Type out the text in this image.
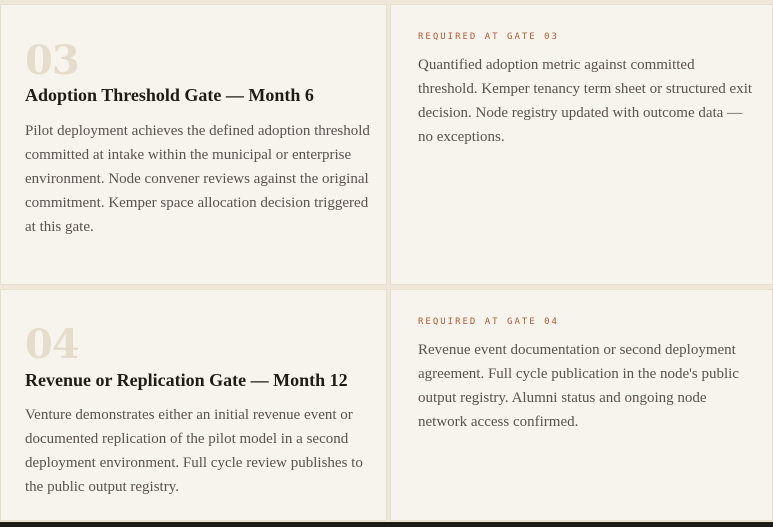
03
Adoption Threshold Gate — Month 6
Pilot deployment achieves the defined adoption threshold committed at intake within the municipal or enterprise environment. Node convener reviews against the original commitment. Kemper space allocation decision triggered at this gate.
REQUIRED AT GATE 03
Quantified adoption metric against committed threshold. Kemper tenancy term sheet or structured exit decision. Node registry updated with outcome data — no exceptions.
04
Revenue or Replication Gate — Month 12
Venture demonstrates either an initial revenue event or documented replication of the pilot model in a second deployment environment. Full cycle review publishes to the public output registry.
REQUIRED AT GATE 04
Revenue event documentation or second deployment agreement. Full cycle publication in the node's public output registry. Alumni status and ongoing node network access confirmed.
